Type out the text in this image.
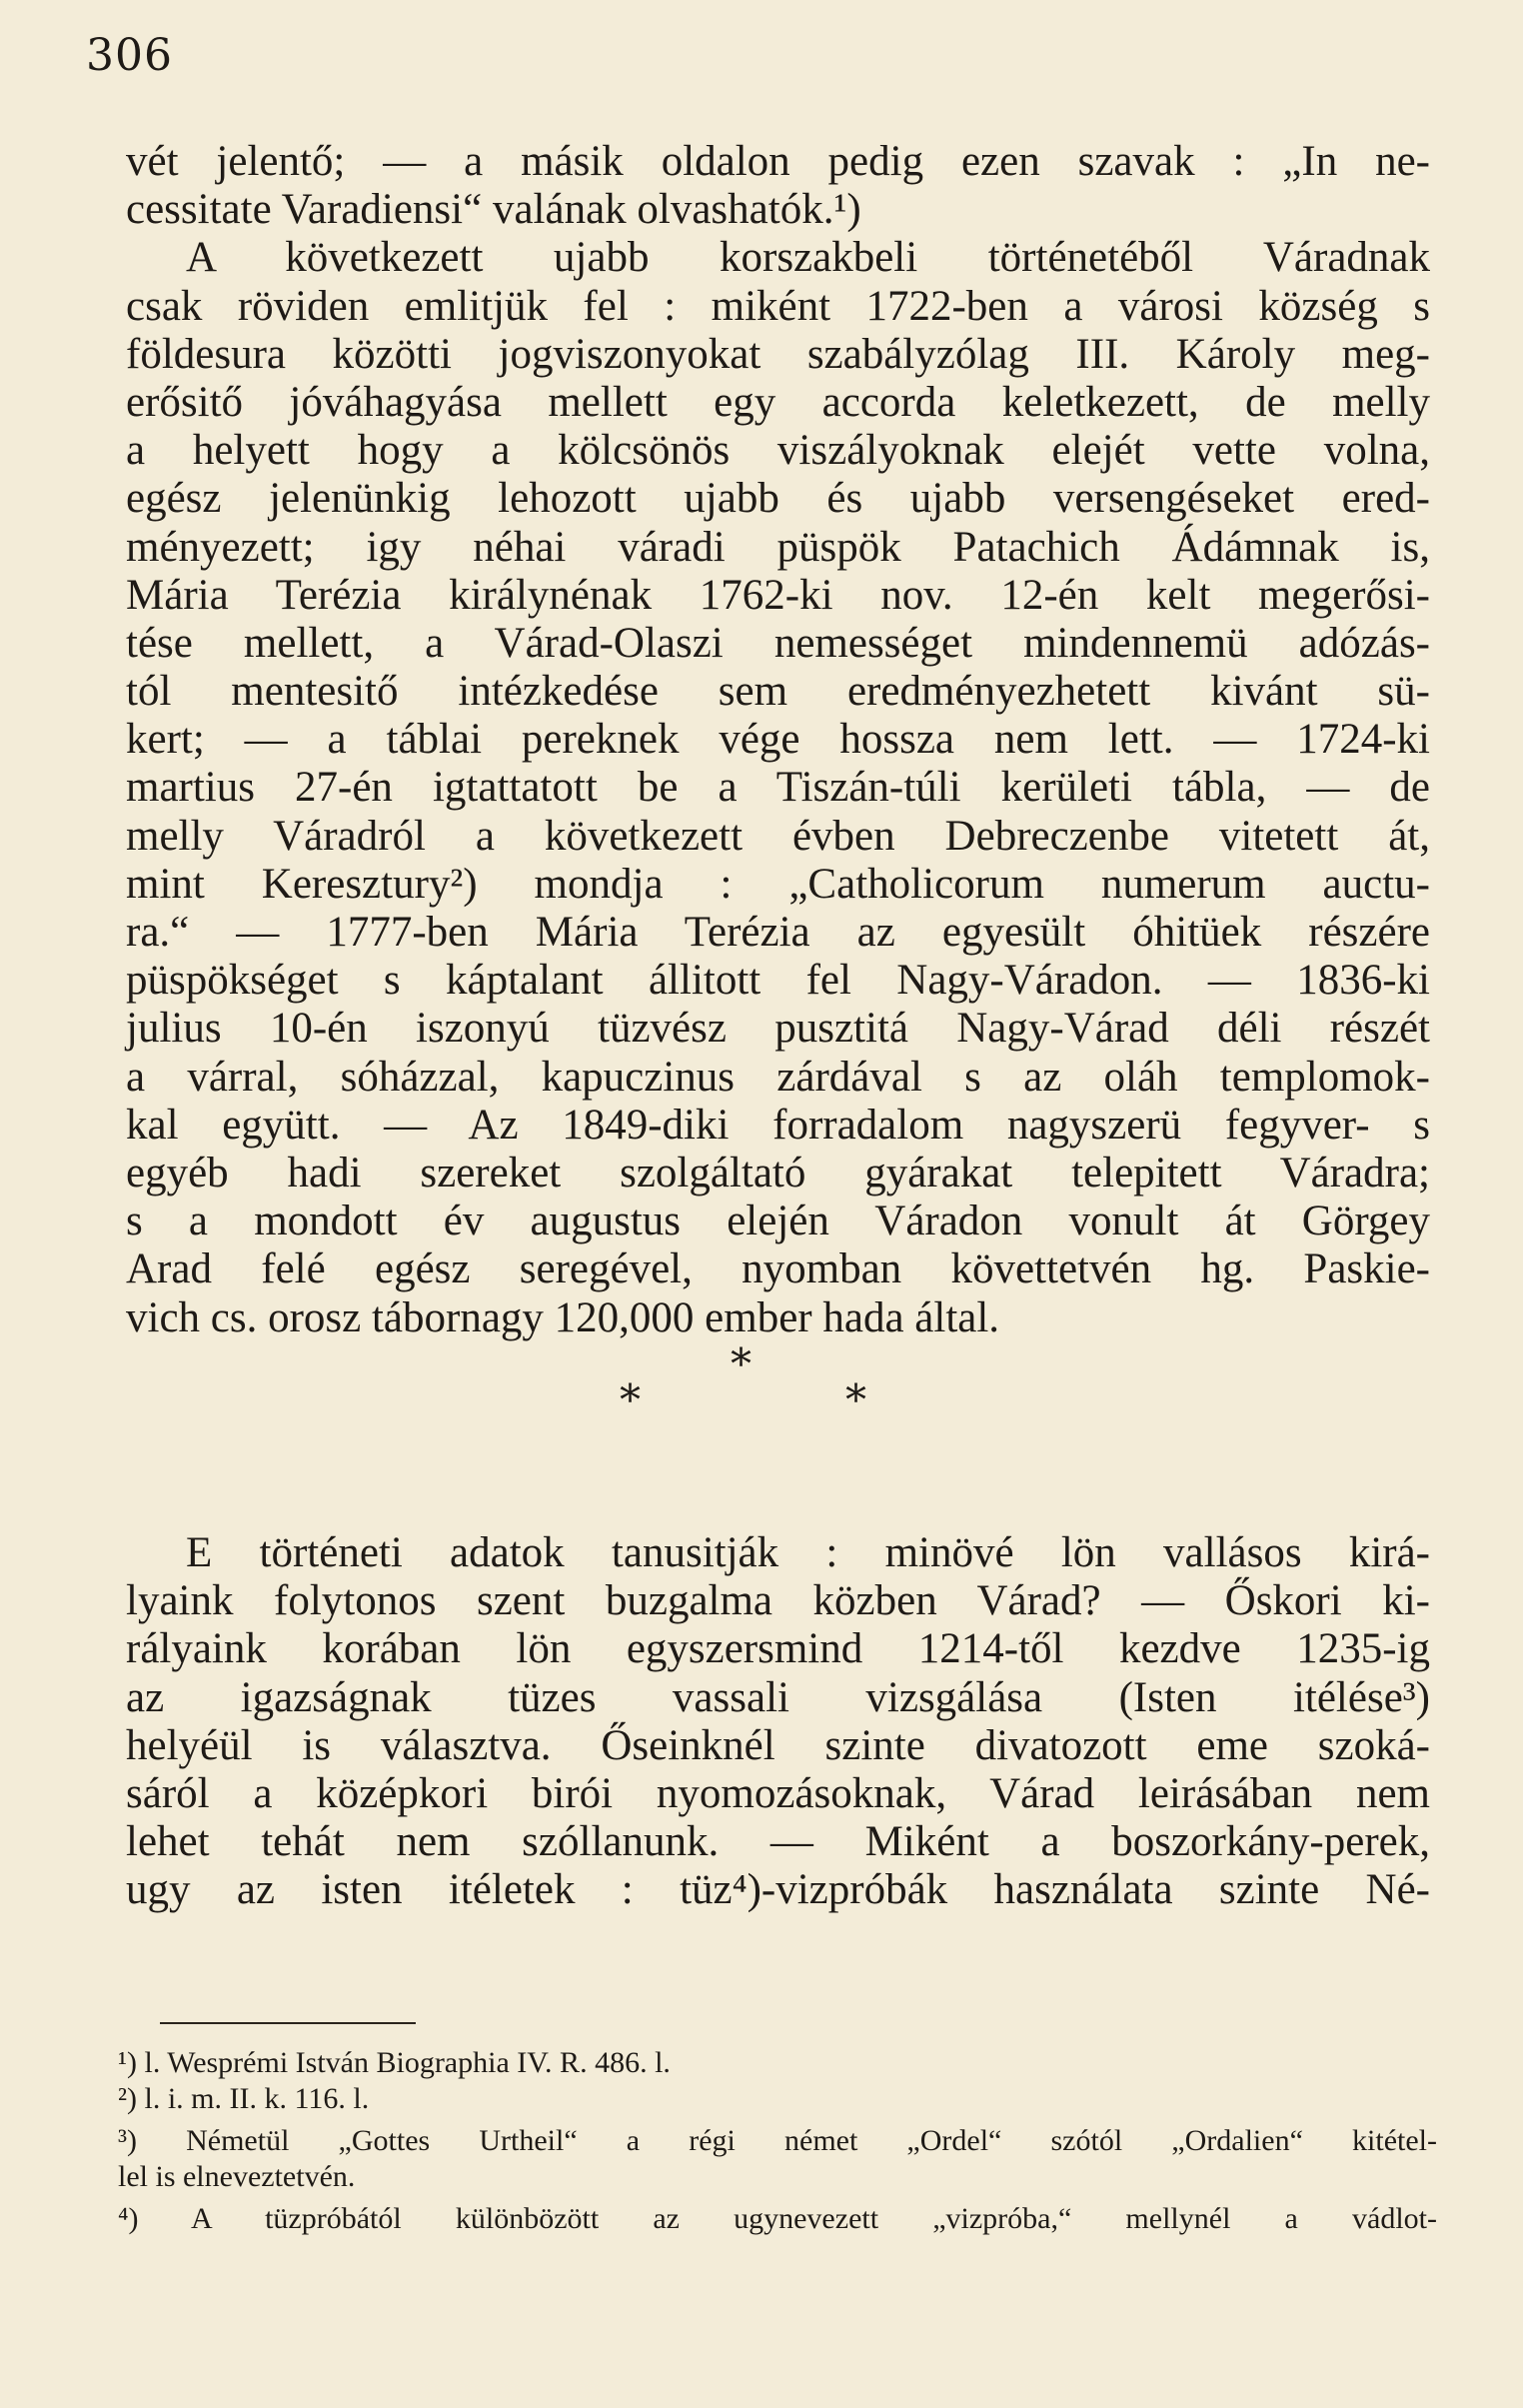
306
vét jelentő; — a másik oldalon pedig ezen szavak : „In ne-
cessitate Varadiensi“ valának olvashatók.¹)
A következett ujabb korszakbeli történetéből Váradnak
csak röviden emlitjük fel : miként 1722-ben a városi község s
földesura közötti jogviszonyokat szabályzólag III. Károly meg-
erősitő jóváhagyása mellett egy accorda keletkezett, de melly
a helyett hogy a kölcsönös viszályoknak elejét vette volna,
egész jelenünkig lehozott ujabb és ujabb versengéseket ered-
ményezett; igy néhai váradi püspök Patachich Ádámnak is,
Mária Terézia királynénak 1762-ki nov. 12-én kelt megerősi-
tése mellett, a Várad-Olaszi nemességet mindennemü adózás-
tól mentesitő intézkedése sem eredményezhetett kivánt sü-
kert; — a táblai pereknek vége hossza nem lett. — 1724-ki
martius 27-én igtattatott be a Tiszán-túli kerületi tábla, — de
melly Váradról a következett évben Debreczenbe vitetett át,
mint Keresztury²) mondja : „Catholicorum numerum auctu-
ra.“ — 1777-ben Mária Terézia az egyesült óhitüek részére
püspökséget s káptalant állitott fel Nagy-Váradon. — 1836-ki
julius 10-én iszonyú tüzvész pusztitá Nagy-Várad déli részét
a várral, sóházzal, kapuczinus zárdával s az oláh templomok-
kal együtt. — Az 1849-diki forradalom nagyszerü fegyver- s
egyéb hadi szereket szolgáltató gyárakat telepitett Váradra;
s a mondott év augustus elején Váradon vonult át Görgey
Arad felé egész seregével, nyomban követtetvén hg. Paskie-
vich cs. orosz tábornagy 120,000 ember hada által.
*
*	*
E történeti adatok tanusitják : minövé lön vallásos kirá-
lyaink folytonos szent buzgalma közben Várad? — Őskori ki-
rályaink korában lön egyszersmind 1214-től kezdve 1235-ig
az igazságnak tüzes vassali vizsgálása (Isten itélése³)
helyéül is választva. Őseinknél szinte divatozott eme szoká-
sáról a középkori birói nyomozásoknak, Várad leirásában nem
lehet tehát nem szóllanunk. — Miként a boszorkány-perek,
ugy az isten itéletek : tüz⁴)-vizpróbák használata szinte Né-
¹) l. Wesprémi István Biographia IV. R. 486. l.
²) l. i. m. II. k. 116. l.
³) Németül „Gottes Urtheil“ a régi német „Ordel“ szótól „Ordalien“ kitétel-
lel is elneveztetvén.
⁴) A tüzpróbától különbözött az ugynevezett „vizpróba,“ mellynél a vádlot-
